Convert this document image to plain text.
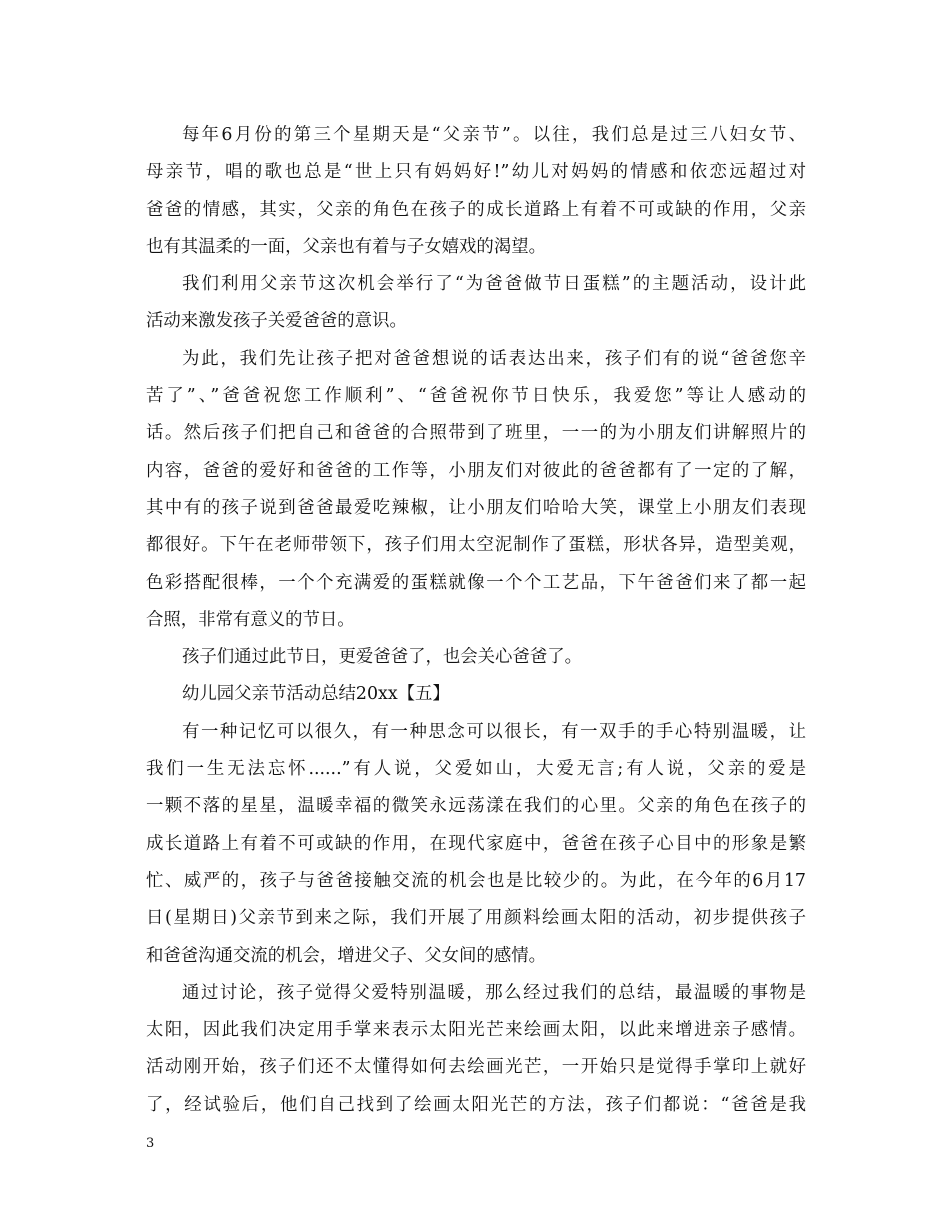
每年6月份的第三个星期天是“父亲节”。以往，我们总是过三八妇女节、
母亲节，唱的歌也总是“世上只有妈妈好!”幼儿对妈妈的情感和依恋远超过对
爸爸的情感，其实，父亲的角色在孩子的成长道路上有着不可或缺的作用，父亲
也有其温柔的一面，父亲也有着与子女嬉戏的渴望。
我们利用父亲节这次机会举行了“为爸爸做节日蛋糕”的主题活动，设计此
活动来激发孩子关爱爸爸的意识。
为此，我们先让孩子把对爸爸想说的话表达出来，孩子们有的说“爸爸您辛
苦了”、”爸爸祝您工作顺利”、“爸爸祝你节日快乐，我爱您”等让人感动的
话。然后孩子们把自己和爸爸的合照带到了班里，一一的为小朋友们讲解照片的
内容，爸爸的爱好和爸爸的工作等，小朋友们对彼此的爸爸都有了一定的了解，
其中有的孩子说到爸爸最爱吃辣椒，让小朋友们哈哈大笑，课堂上小朋友们表现
都很好。下午在老师带领下，孩子们用太空泥制作了蛋糕，形状各异，造型美观，
色彩搭配很棒，一个个充满爱的蛋糕就像一个个工艺品，下午爸爸们来了都一起
合照，非常有意义的节日。
孩子们通过此节日，更爱爸爸了，也会关心爸爸了。
幼儿园父亲节活动总结20xx【五】
有一种记忆可以很久，有一种思念可以很长，有一双手的手心特别温暖，让
我们一生无法忘怀......”有人说，父爱如山，大爱无言;有人说，父亲的爱是
一颗不落的星星，温暖幸福的微笑永远荡漾在我们的心里。父亲的角色在孩子的
成长道路上有着不可或缺的作用，在现代家庭中，爸爸在孩子心目中的形象是繁
忙、威严的，孩子与爸爸接触交流的机会也是比较少的。为此，在今年的6月17
日(星期日)父亲节到来之际，我们开展了用颜料绘画太阳的活动，初步提供孩子
和爸爸沟通交流的机会，增进父子、父女间的感情。
通过讨论，孩子觉得父爱特别温暖，那么经过我们的总结，最温暖的事物是
太阳，因此我们决定用手掌来表示太阳光芒来绘画太阳，以此来增进亲子感情。
活动刚开始，孩子们还不太懂得如何去绘画光芒，一开始只是觉得手掌印上就好
了，经试验后，他们自己找到了绘画太阳光芒的方法，孩子们都说：“爸爸是我
3
